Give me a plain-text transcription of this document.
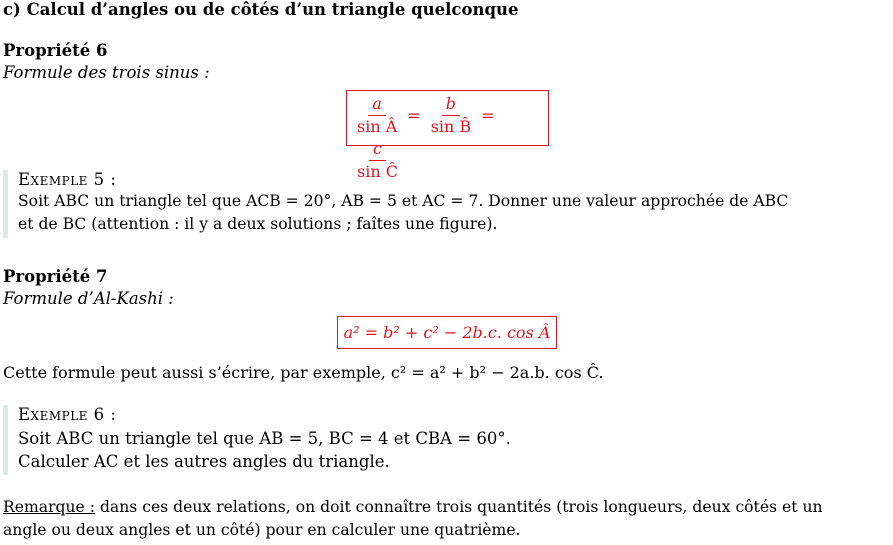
c) Calcul d’angles ou de côtés d’un triangle quelconque
Propriété 6
Formule des trois sinus :
$\frac{a}{\text{sin Â}} = \frac{b}{\text{sin B̂}}$ =
$\frac{c}{\text{sin Ĉ}}$
Exemple 5 :
Soit ABC un triangle tel que ACB = 20°, AB = 5 et AC = 7. Donner une valeur approchée de ABC
et de BC (attention : il y a deux solutions ; faîtes une figure).
Propriété 7
Formule d’Al-Kashi :
a² = b² + c² − 2b.c. cos Â
Cette formule peut aussi s’écrire, par exemple, c² = a² + b² − 2a.b. cos Ĉ.
Exemple 6 :
Soit ABC un triangle tel que AB = 5, BC = 4 et CBA = 60°.
Calculer AC et les autres angles du triangle.
Remarque : dans ces deux relations, on doit connaître trois quantités (trois longueurs, deux côtés et un
angle ou deux angles et un côté) pour en calculer une quatrième.
